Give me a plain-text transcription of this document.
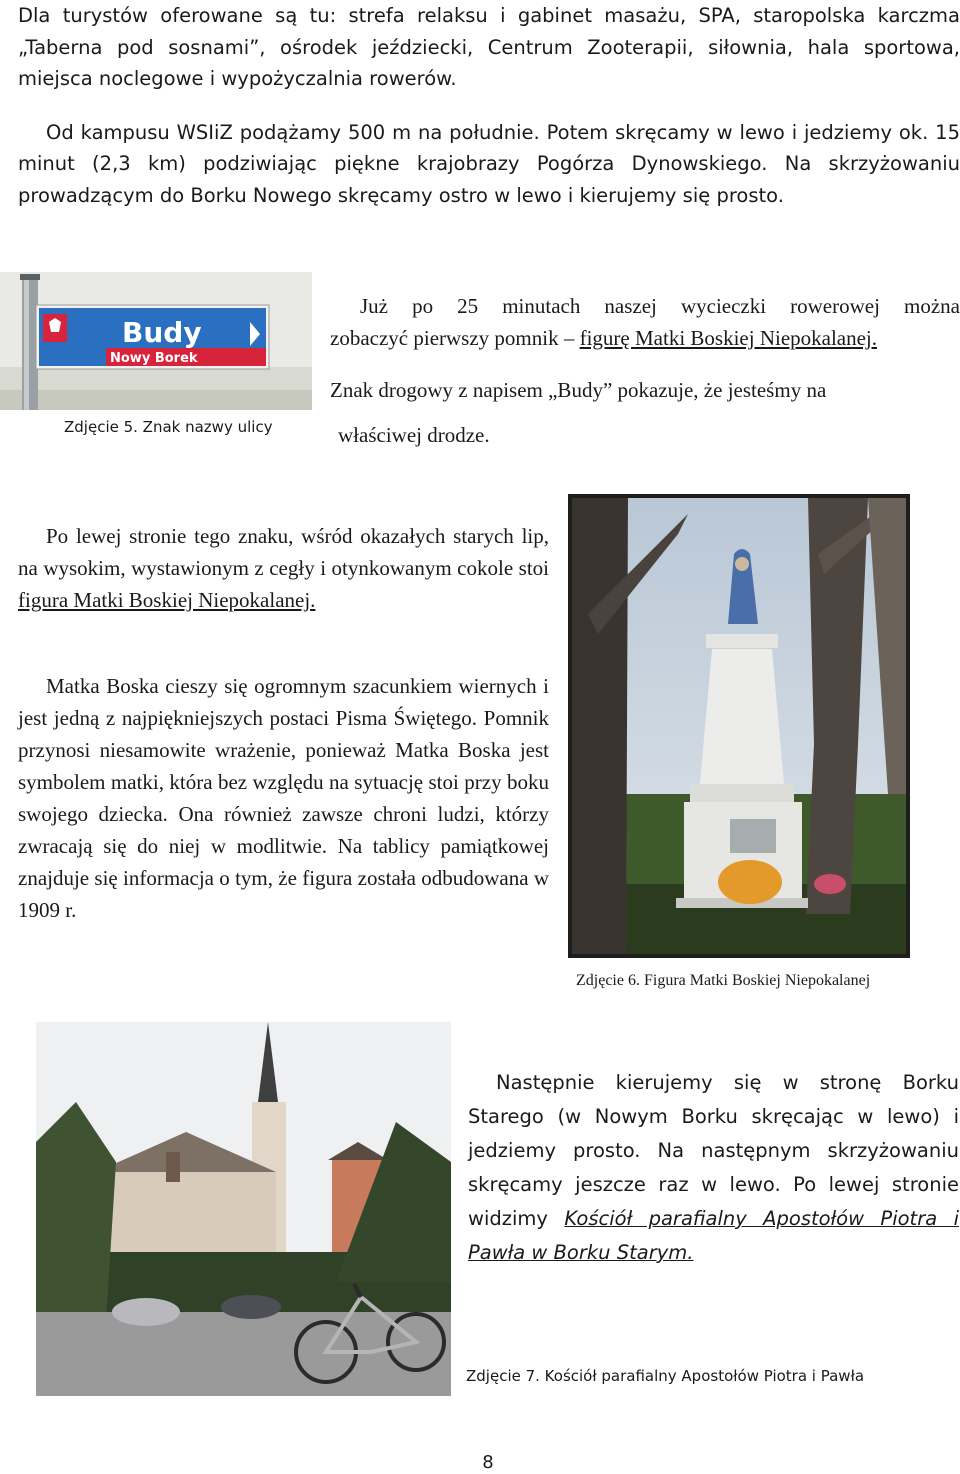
Dla turystów oferowane są tu: strefa relaksu i gabinet masażu, SPA, staropolska karczma „Taberna pod sosnami”, ośrodek jeździecki, Centrum Zooterapii, siłownia, hala sportowa, miejsca noclegowe i wypożyczalnia rowerów.

Od kampusu WSIiZ podążamy 500 m na południe. Potem skręcamy w lewo i jedziemy ok. 15 minut (2,3 km) podziwiając piękne krajobrazy Pogórza Dynowskiego. Na skrzyżowaniu prowadzącym do Borku Nowego skręcamy ostro w lewo i kierujemy się prosto.

Budy
Nowy Borek
Zdjęcie 5. Znak nazwy ulicy
Już po 25 minutach naszej wycieczki rowerowej można
zobaczyć pierwszy pomnik – figurę Matki Boskiej Niepokalanej.
Znak drogowy z napisem „Budy” pokazuje, że jesteśmy na
właściwej drodze.

Po lewej stronie tego znaku, wśród okazałych starych lip, na wysokim, wystawionym z cegły i otynkowanym cokole stoi figura Matki Boskiej Niepokalanej.

Matka Boska cieszy się ogromnym szacunkiem wiernych i jest jedną z najpiękniejszych postaci Pisma Świętego. Pomnik przynosi niesamowite wrażenie, ponieważ Matka Boska jest symbolem matki, która bez względu na sytuację stoi przy boku swojego dziecka. Ona również zawsze chroni ludzi, którzy zwracają się do niej w modlitwie. Na tablicy pamiątkowej znajduje się informacja o tym, że figura została odbudowana w 1909 r.

Zdjęcie 6. Figura Matki Boskiej Niepokalanej

Następnie kierujemy się w stronę Borku Starego (w Nowym Borku skręcając w lewo) i jedziemy prosto. Na następnym skrzyżowaniu skręcamy jeszcze raz w lewo. Po lewej stronie widzimy Kościół parafialny Apostołów Piotra i Pawła w Borku Starym.

Zdjęcie 7. Kościół parafialny Apostołów Piotra i Pawła
8
